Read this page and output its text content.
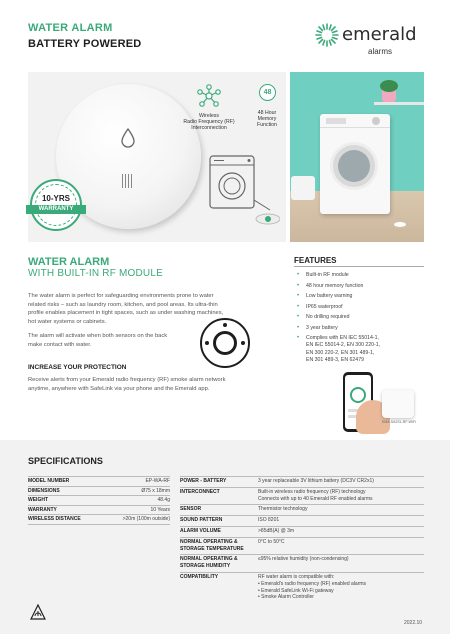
WATER ALARM
BATTERY POWERED	emerald
alarms
10-YRS
WARRANTY
Wireless
Radio Frequency (RF)
Interconnection
48
48 Hour
Memory
Function
WATER ALARM
WITH BUILT-IN RF MODULE
The water alarm is perfect for safeguarding environments prone to water
related risks – such as laundry room, kitchen, and pool areas. Its ultra-thin
profile enables placement in tight spaces, such as under washing machines,
hot water systems or cabinets.
The alarm will activate when both sensors on the back
make contact with water.
INCREASE YOUR PROTECTION
Receive alerts from your Emerald radio frequency (RF) smoke alarm network
anytime, anywhere with SafeLink via your phone and the Emerald app.
FEATURES
• Built-in RF module
• 48 hour memory function
• Low battery warning
• IP65 waterproof
• No drilling required
• 3 year battery
• Complies with EN IEC 55014-1,
EN IEC 55014-2, EN 300 220-1,
EN 300 220-2, EN 301 489-1,
EN 301 489-3, EN 62479
EMA-SA1SL-RF-WIFI
SPECIFICATIONS
MODEL NUMBER	EP-WA-RF
DIMENSIONS	Ø75 x 18mm
WEIGHT	48.4g
WARRANTY	10 Years
WIRELESS DISTANCE	>20m (100m outside)
POWER - BATTERY	3 year replaceable 3V lithium battery (DC3V CR2x1)
INTERCONNECT	Built-in wireless radio frequency (RF) technology
Connects with up to 40 Emerald RF enabled alarms
SENSOR	Thermistor technology
SOUND PATTERN	ISO 8201
ALARM VOLUME	>85dB(A) @ 3m
NORMAL OPERATING &
STORAGE TEMPERATURE
0°C to 50°C
NORMAL OPERATING &
STORAGE HUMIDITY
≤95% relative humidity (non-condensing)
COMPATIBILITY	RF water alarm is compatible with:
• Emerald's radio frequency (RF) enabled alarms
• Emerald SafeLink Wi-Fi gateway
• Smoke Alarm Controller
2022.10
